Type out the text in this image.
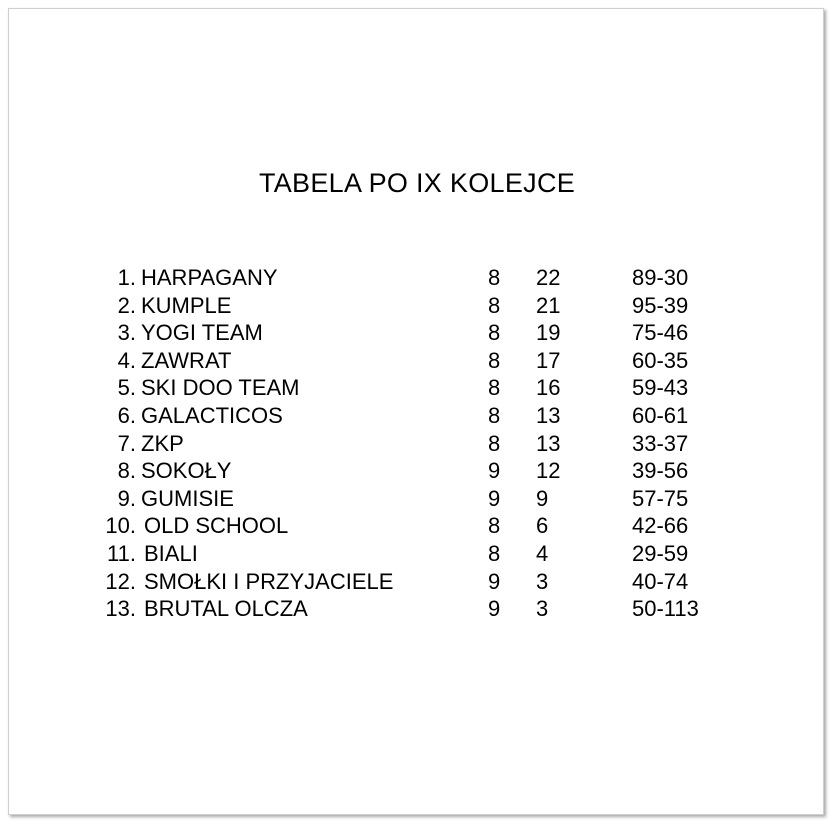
TABELA PO IX KOLEJCE
1. HARPAGANY	8 22	89-30
2. KUMPLE	8 21	95-39
3. YOGI TEAM	8 19	75-46
4. ZAWRAT	8 17	60-35
5. SKI DOO TEAM	8 16	59-43
6. GALACTICOS	8 13	60-61
7. ZKP	8 13	33-37
8. SOKOŁY	9 12	39-56
9. GUMISIE	9 9	57-75
10. OLD SCHOOL	8 6	42-66
11. BIALI	8 4	29-59
12. SMOŁKI I PRZYJACIELE	9 3	40-74
13. BRUTAL OLCZA	9 3	50-113
